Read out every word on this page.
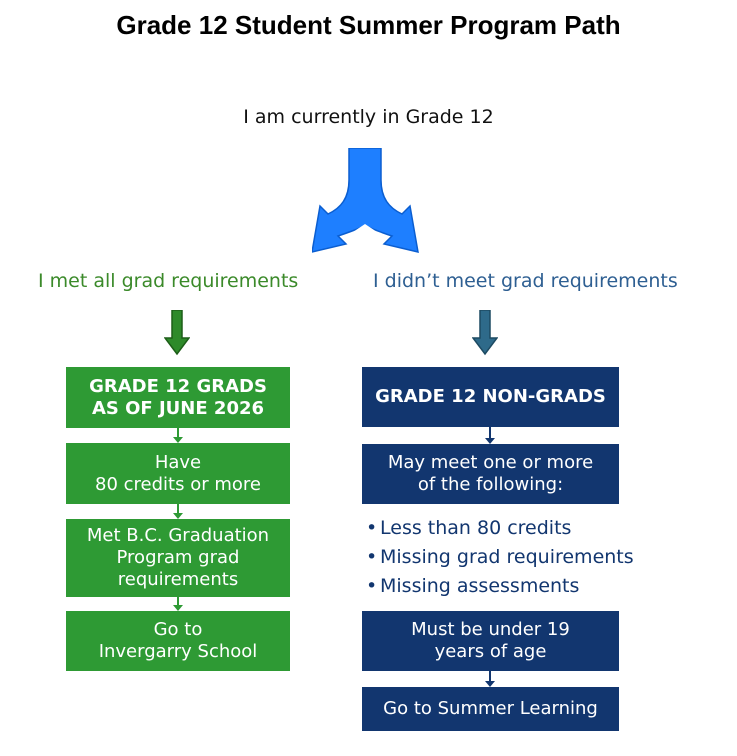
Grade 12 Student Summer Program Path
I am currently in Grade 12
I met all grad requirements	I didn’t meet grad requirements
GRADE 12 GRADS
AS OF JUNE 2026
Have
80 credits or more
Met B.C. Graduation
Program grad
requirements
Go to
Invergarry School
GRADE 12 NON-GRADS
May meet one or more
of the following:
• Less than 80 credits
• Missing grad requirements
• Missing assessments
Must be under 19
years of age
Go to Summer Learning
